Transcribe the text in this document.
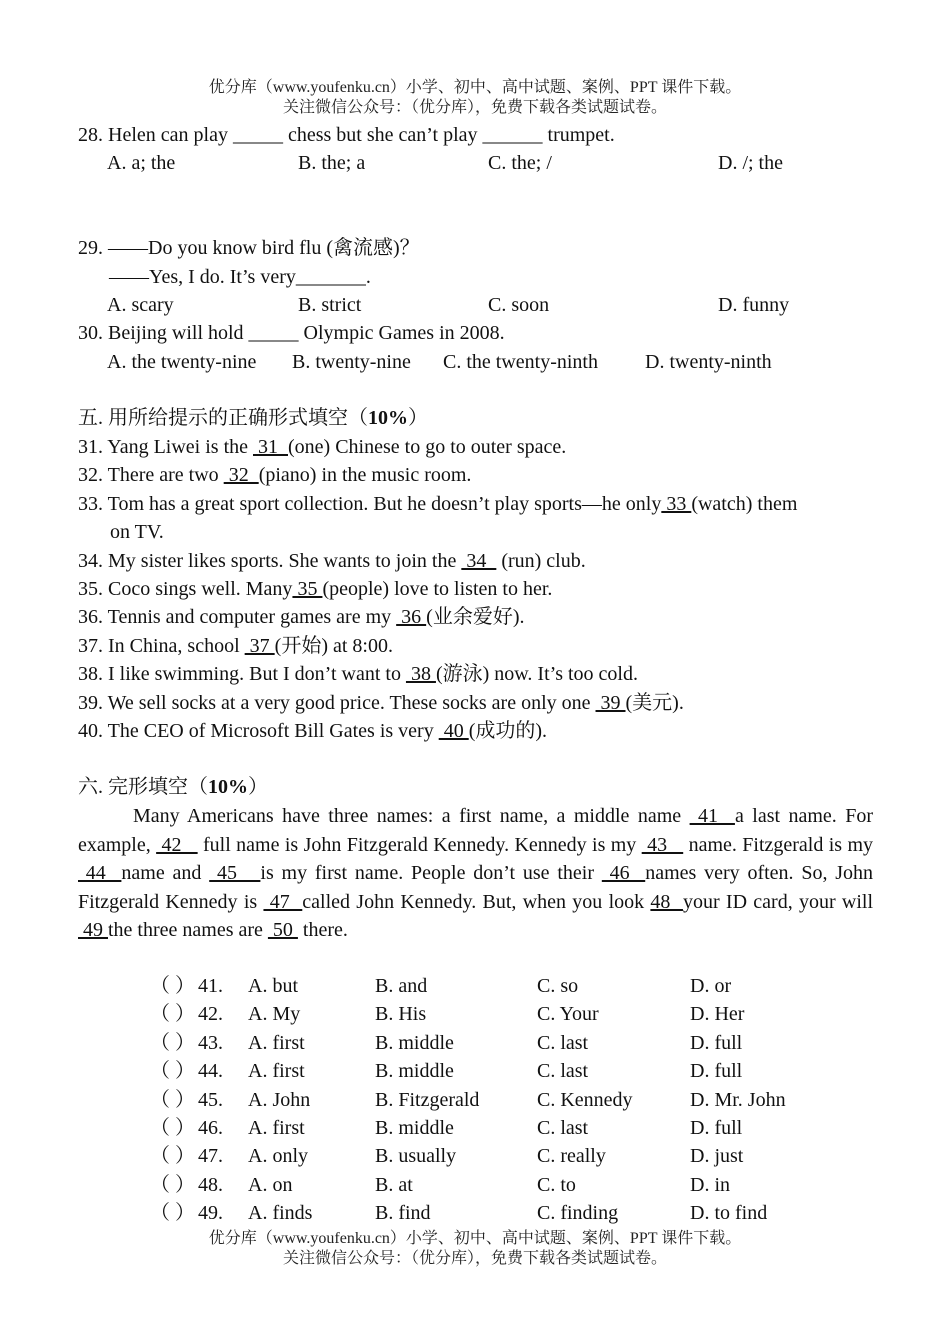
优分库（www.youfenku.cn）小学、初中、高中试题、案例、PPT 课件下载。
关注微信公众号：（优分库），免费下载各类试题试卷。
28. Helen can play _____ chess but she can’t play ______ trumpet.
A. a; the	B. the; a	C. the; /	D. /; the
29. ——Do you know bird flu (禽流感)？
——Yes, I do. It’s very_______.
A. scary	B. strict	C. soon	D. funny
30. Beijing will hold _____ Olympic Games in 2008.
A. the twenty-nine B. twenty-nine C. the twenty-ninth D. twenty-ninth
五. 用所给提示的正确形式填空（10%）
31. Yang Liwei is the  31  (one) Chinese to go to outer space.
32. There are two  32  (piano) in the music room.
33. Tom has a great sport collection. But he doesn’t play sports—he only 33 (watch) them
on TV.
34. My sister likes sports. She wants to join the  34   (run) club.
35. Coco sings well. Many 35 (people) love to listen to her.
36. Tennis and computer games are my  36 (业余爱好).
37. In China, school  37 (开始) at 8:00.
38. I like swimming. But I don’t want to  38 (游泳) now. It’s too cold.
39. We sell socks at a very good price. These socks are only one  39 (美元).
40. The CEO of Microsoft Bill Gates is very  40 (成功的).
六. 完形填空（10%）
Many Americans have three names: a first name, a middle name  41  a last name. For example,  42    full name is John Fitzgerald Kennedy. Kennedy is my  43    name. Fitzgerald is my  44  name and  45   is my first name. People don’t use their  46  names very often. So, John Fitzgerald Kennedy is  47  called John Kennedy. But, when you look 48  your ID card, your will  49 the three names are  50  there.
（ ） 41. A. but	B. and	C. so	D. or
（ ） 42. A. My	B. His	C. Your	D. Her
（ ） 43. A. first	B. middle	C. last	D. full
（ ） 44. A. first	B. middle	C. last	D. full
（ ） 45. A. John	B. Fitzgerald	C. Kennedy	D. Mr. John
（ ） 46. A. first	B. middle	C. last	D. full
（ ） 47. A. only	B. usually	C. really	D. just
（ ） 48. A. on	B. at	C. to	D. in
（ ） 49. A. finds	B. find	C. finding	D. to find
优分库（www.youfenku.cn）小学、初中、高中试题、案例、PPT 课件下载。
关注微信公众号：（优分库），免费下载各类试题试卷。
